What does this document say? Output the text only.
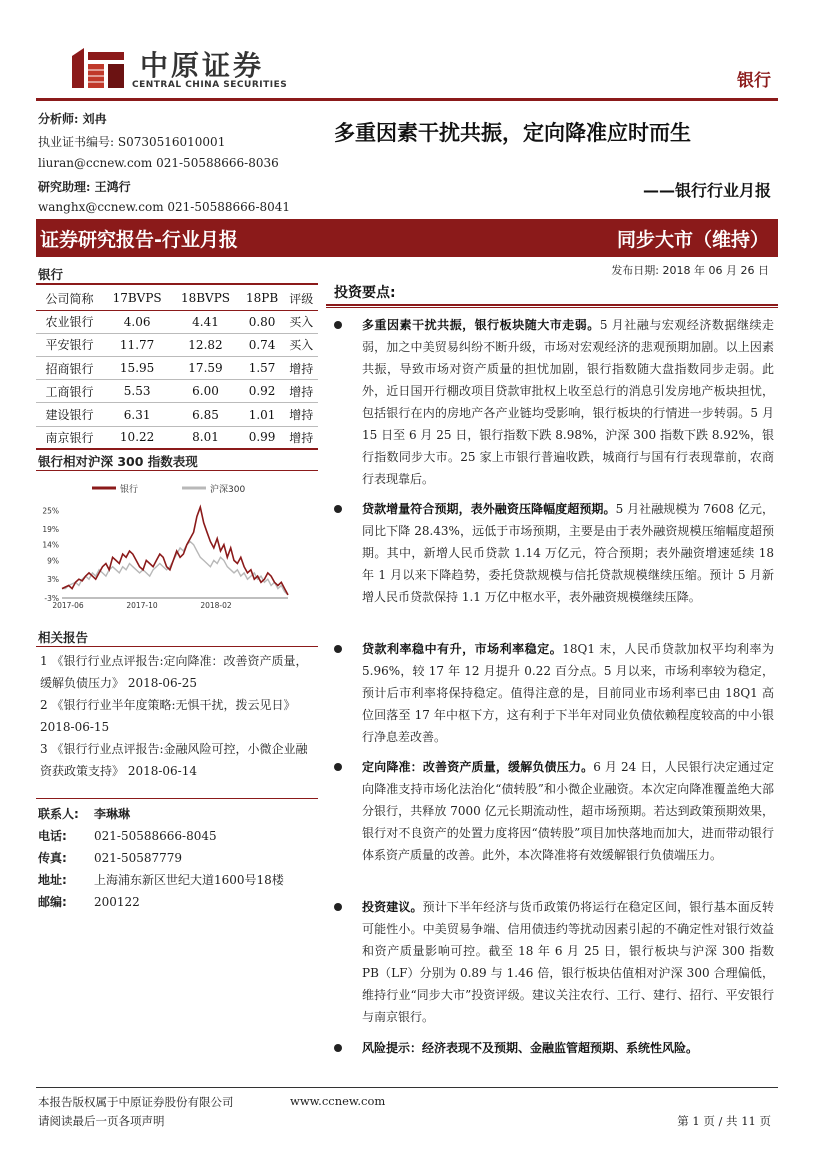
中原证券
CENTRAL CHINA SECURITIES	银行
分析师: 刘冉
执业证书编号: S0730516010001
liuran@ccnew.com 021-50588666-8036
研究助理: 王鸿行
wanghx@ccnew.com 021-50588666-8041
多重因素干扰共振，定向降准应时而生
——银行行业月报
证券研究报告-行业月报	同步大市（维持）
发布日期: 2018 年 06 月 26 日
银行
公司简称	17BVPS	18BVPS	18PB	评级
农业银行	4.06	4.41	0.80	买入
平安银行	11.77	12.82	0.74	买入
招商银行	15.95	17.59	1.57	增持
工商银行	5.53	6.00	0.92	增持
建设银行	6.31	6.85	1.01	增持
南京银行	10.22	8.01	0.99	增持
银行相对沪深 300 指数表现
银行	沪深300
25%
19%
14%
9%
3%
-3%
2017-06	2017-10	2018-02
相关报告
1 《银行行业点评报告:定向降准：改善资产质量，缓解负债压力》 2018-06-25
2 《银行行业半年度策略:无惧干扰，拨云见日》 2018-06-15
3 《银行行业点评报告:金融风险可控，小微企业融资获政策支持》 2018-06-14
联系人: 李琳琳
电话: 021-50588666-8045
传真: 021-50587779
地址: 上海浦东新区世纪大道1600号18楼
邮编: 200122
投资要点:
多重因素干扰共振，银行板块随大市走弱。5 月社融与宏观经济数据继续走弱，加之中美贸易纠纷不断升级，市场对宏观经济的悲观预期加剧。以上因素共振，导致市场对资产质量的担忧加剧，银行指数随大盘指数同步走弱。此外，近日国开行棚改项目贷款审批权上收至总行的消息引发房地产板块担忧，包括银行在内的房地产各产业链均受影响，银行板块的行情进一步转弱。5 月 15 日至 6 月 25 日，银行指数下跌 8.98%，沪深 300 指数下跌 8.92%，银行指数同步大市。25 家上市银行普遍收跌，城商行与国有行表现靠前，农商行表现靠后。
贷款增量符合预期，表外融资压降幅度超预期。5 月社融规模为 7608 亿元，同比下降 28.43%，远低于市场预期，主要是由于表外融资规模压缩幅度超预期。其中，新增人民币贷款 1.14 万亿元，符合预期；表外融资增速延续 18 年 1 月以来下降趋势，委托贷款规模与信托贷款规模继续压缩。预计 5 月新增人民币贷款保持 1.1 万亿中枢水平，表外融资规模继续压降。
贷款利率稳中有升，市场利率稳定。18Q1 末，人民币贷款加权平均利率为 5.96%，较 17 年 12 月提升 0.22 百分点。5 月以来，市场利率较为稳定，预计后市利率将保持稳定。值得注意的是，目前同业市场利率已由 18Q1 高位回落至 17 年中枢下方，这有利于下半年对同业负债依赖程度较高的中小银行净息差改善。
定向降准：改善资产质量，缓解负债压力。6 月 24 日，人民银行决定通过定向降准支持市场化法治化“债转股”和小微企业融资。本次定向降准覆盖绝大部分银行，共释放 7000 亿元长期流动性，超市场预期。若达到政策预期效果，银行对不良资产的处置力度将因“债转股”项目加快落地而加大，进而带动银行体系资产质量的改善。此外，本次降准将有效缓解银行负债端压力。
投资建议。预计下半年经济与货币政策仍将运行在稳定区间，银行基本面反转可能性小。中美贸易争端、信用债违约等扰动因素引起的不确定性对银行效益和资产质量影响可控。截至 18 年 6 月 25 日，银行板块与沪深 300 指数 PB（LF）分别为 0.89 与 1.46 倍，银行板块估值相对沪深 300 合理偏低，维持行业“同步大市”投资评级。建议关注农行、工行、建行、招行、平安银行与南京银行。
风险提示：经济表现不及预期、金融监管超预期、系统性风险。
本报告版权属于中原证券股份有限公司	www.ccnew.com
请阅读最后一页各项声明	第 1 页 / 共 11 页
